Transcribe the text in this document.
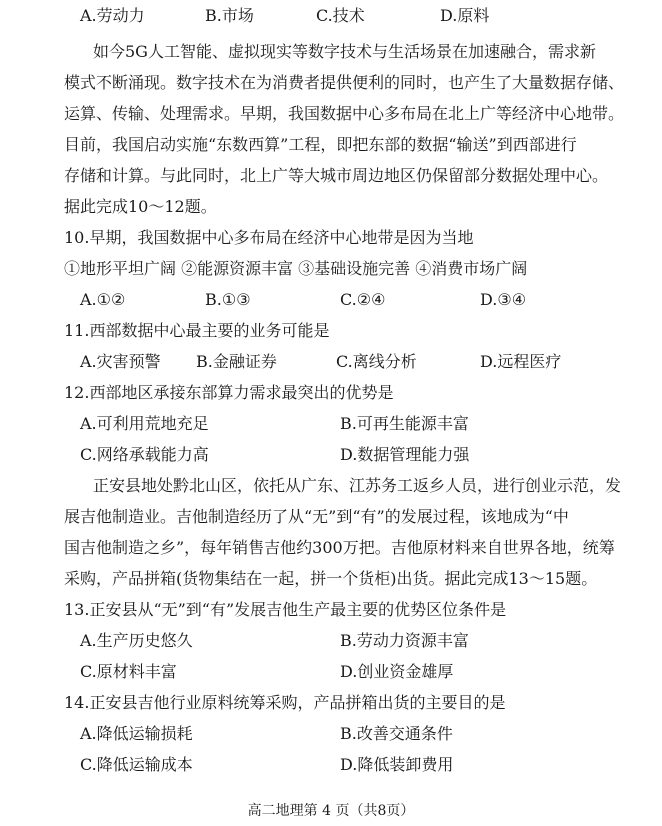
A.劳动力	B.市场	C.技术	D.原料
如今5G人工智能、虚拟现实等数字技术与生活场景在加速融合，需求新
模式不断涌现。数字技术在为消费者提供便利的同时，也产生了大量数据存储、
运算、传输、处理需求。早期，我国数据中心多布局在北上广等经济中心地带。
目前，我国启动实施“东数西算”工程，即把东部的数据“输送”到西部进行
存储和计算。与此同时，北上广等大城市周边地区仍保留部分数据处理中心。
据此完成10～12题。
10.早期，我国数据中心多布局在经济中心地带是因为当地
①地形平坦广阔 ②能源资源丰富 ③基础设施完善 ④消费市场广阔
A.①②	B.①③	C.②④	D.③④
11.西部数据中心最主要的业务可能是
A.灾害预警 B.金融证券	C.离线分析	D.远程医疗
12.西部地区承接东部算力需求最突出的优势是
A.可利用荒地充足	B.可再生能源丰富
C.网络承载能力高	D.数据管理能力强
正安县地处黔北山区，依托从广东、江苏务工返乡人员，进行创业示范，发
展吉他制造业。吉他制造经历了从“无”到“有”的发展过程，该地成为“中
国吉他制造之乡”，每年销售吉他约300万把。吉他原材料来自世界各地，统筹
采购，产品拼箱(货物集结在一起，拼一个货柜)出货。据此完成13～15题。
13.正安县从“无”到“有”发展吉他生产最主要的优势区位条件是
A.生产历史悠久	B.劳动力资源丰富
C.原材料丰富	D.创业资金雄厚
14.正安县吉他行业原料统筹采购，产品拼箱出货的主要目的是
A.降低运输损耗	B.改善交通条件
C.降低运输成本	D.降低装卸费用
高二地理第 4 页（共8页）
